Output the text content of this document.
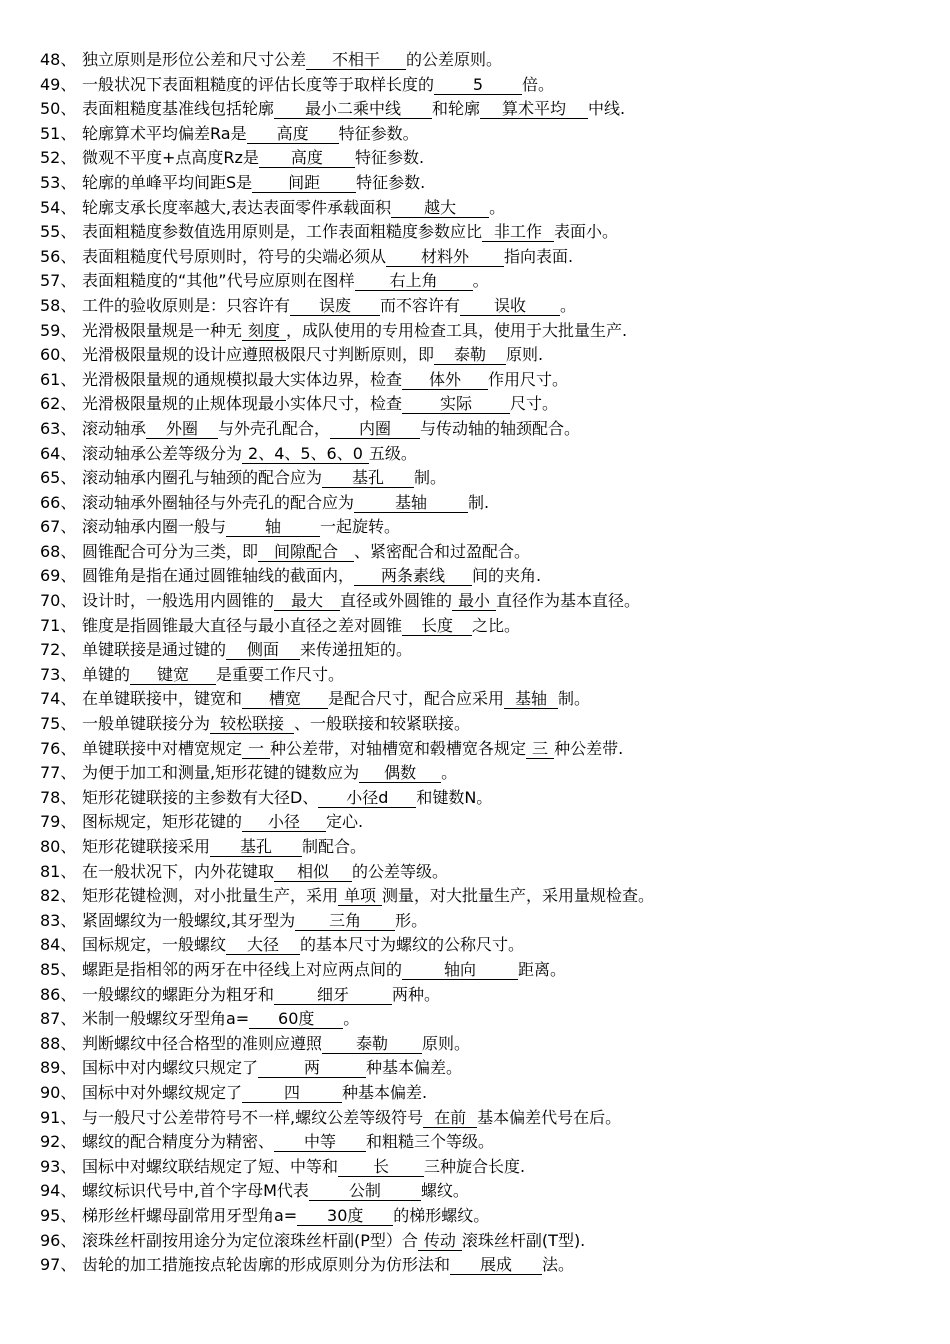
48、 独立原则是形位公差和尺寸公差 不相干 的公差原则。
49、 一般状况下表面粗糙度的评估长度等于取样长度的 5 倍。
50、 表面粗糙度基准线包括轮廓 最小二乘中线 和轮廓 算术平均 中线.
51、 轮廓算术平均偏差Ra是 高度 特征参数。
52、 微观不平度+点高度Rz是 高度 特征参数.
53、 轮廓的单峰平均间距S是 间距 特征参数.
54、 轮廓支承长度率越大,表达表面零件承载面积 越大 。
55、 表面粗糙度参数值选用原则是，工作表面粗糙度参数应比 非工作 表面小。
56、 表面粗糙度代号原则时，符号的尖端必须从 材料外 指向表面.
57、 表面粗糙度的“其他”代号应原则在图样 右上角 。
58、 工件的验收原则是：只容许有 误废 而不容许有 误收 。
59、 光滑极限量规是一种无 刻度 ，成队使用的专用检查工具，使用于大批量生产.
60、 光滑极限量规的设计应遵照极限尺寸判断原则，即 泰勒 原则.
61、 光滑极限量规的通规模拟最大实体边界，检查 体外 作用尺寸。
62、 光滑极限量规的止规体现最小实体尺寸，检查 实际 尺寸。
63、 滚动轴承 外圈 与外壳孔配合， 内圈 与传动轴的轴颈配合。
64、 滚动轴承公差等级分为 2、4、5、6、0 五级。
65、 滚动轴承内圈孔与轴颈的配合应为 基孔 制。
66、 滚动轴承外圈轴径与外壳孔的配合应为	基轴	制.
67、 滚动轴承内圈一般与 轴 一起旋转。
68、 圆锥配合可分为三类，即 间隙配合 、紧密配合和过盈配合。
69、 圆锥角是指在通过圆锥轴线的截面内， 两条素线 间的夹角.
70、 设计时，一般选用内圆锥的 最大 直径或外圆锥的 最小 直径作为基本直径。
71、 锥度是指圆锥最大直径与最小直径之差对圆锥 长度 之比。
72、 单键联接是通过键的 侧面 来传递扭矩的。
73、 单键的 键宽 是重要工作尺寸。
74、 在单键联接中，键宽和 槽宽 是配合尺寸，配合应采用 基轴 制。
75、 一般单键联接分为 较松联接 、一般联接和较紧联接。
76、 单键联接中对槽宽规定 一 种公差带，对轴槽宽和毂槽宽各规定 三 种公差带.
77、 为便于加工和测量,矩形花键的键数应为 偶数 。
78、 矩形花键联接的主参数有大径D、 小径d 和键数N。
79、 图标规定，矩形花键的 小径 定心.
80、 矩形花键联接采用 基孔 制配合。
81、 在一般状况下，内外花键取 相似 的公差等级。
82、 矩形花键检测，对小批量生产，采用 单项 测量，对大批量生产，采用量规检查。
83、 紧固螺纹为一般螺纹,其牙型为 三角 形。
84、 国标规定，一般螺纹 大径 的基本尺寸为螺纹的公称尺寸。
85、 螺距是指相邻的两牙在中径线上对应两点间的	轴向	距离。
86、 一般螺纹的螺距分为粗牙和	细牙	两种。
87、 米制一般螺纹牙型角a= 60度 。
88、 判断螺纹中径合格型的准则应遵照 泰勒 原则。
89、 国标中对内螺纹只规定了	两	种基本偏差。
90、 国标中对外螺纹规定了	四	种基本偏差.
91、 与一般尺寸公差带符号不一样,螺纹公差等级符号 在前 基本偏差代号在后。
92、 螺纹的配合精度分为精密、 中等 和粗糙三个等级。
93、 国标中对螺纹联结规定了短、中等和 长 三种旋合长度.
94、 螺纹标识代号中,首个字母M代表 公制	螺纹。
95、 梯形丝杆螺母副常用牙型角a= 30度 的梯形螺纹。
96、 滚珠丝杆副按用途分为定位滚珠丝杆副(P型）合 传动 滚珠丝杆副(T型).
97、 齿轮的加工措施按点轮齿廓的形成原则分为仿形法和 展成 法。
